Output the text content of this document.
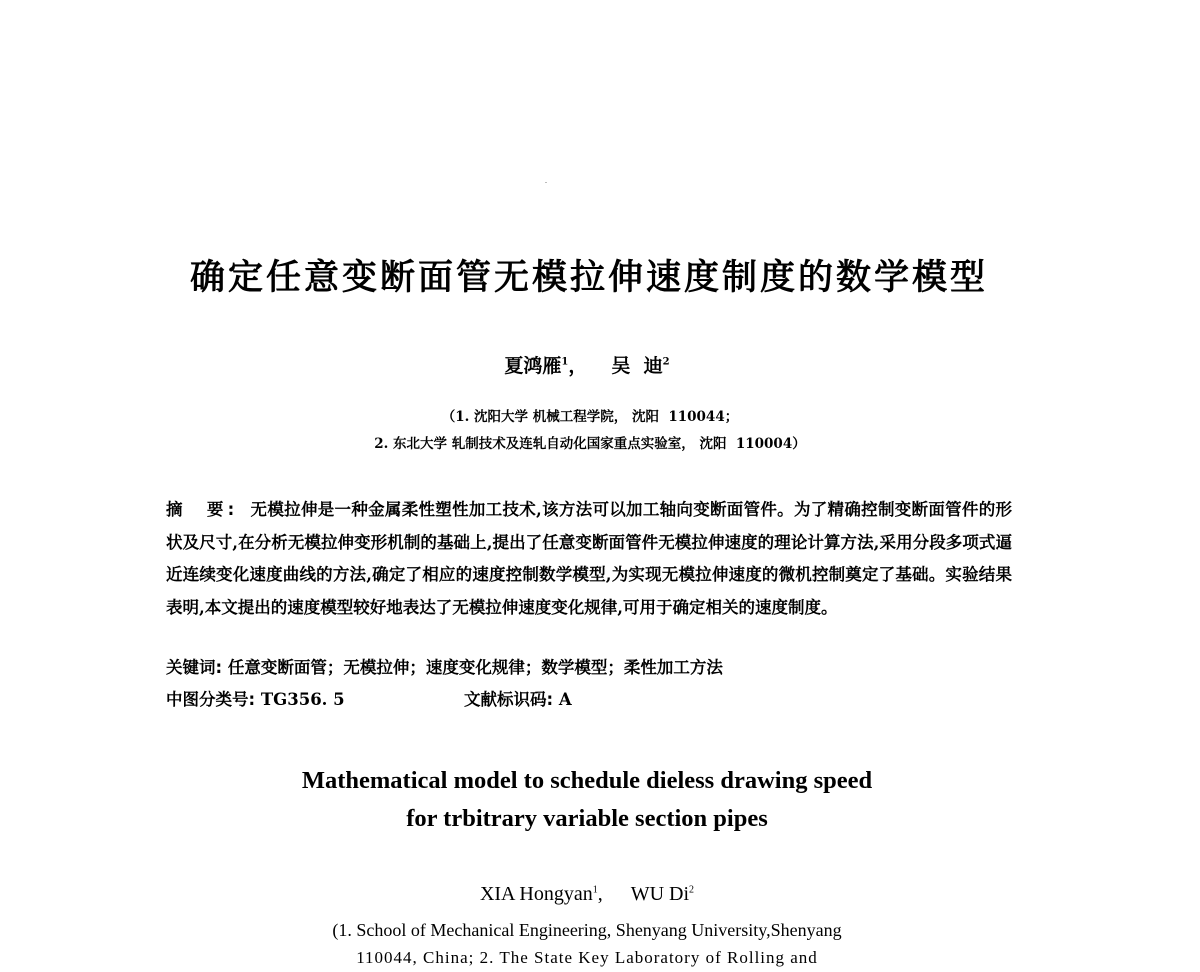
确定任意变断面管无模拉伸速度制度的数学模型
夏鸿雁$^1$， 吴  迪$^2$
（1. 沈阳大学 机械工程学院， 沈阳  110044；
2. 东北大学 轧制技术及连轧自动化国家重点实验室， 沈阳  110004）
摘  要: 无模拉伸是一种金属柔性塑性加工技术,该方法可以加工轴向变断面管件。为了精确控制变断面管件的形状及尺寸,在分析无模拉伸变形机制的基础上,提出了任意变断面管件无模拉伸速度的理论计算方法,采用分段多项式逼近连续变化速度曲线的方法,确定了相应的速度控制数学模型,为实现无模拉伸速度的微机控制奠定了基础。实验结果表明,本文提出的速度模型较好地表达了无模拉伸速度变化规律,可用于确定相关的速度制度。
关键词: 任意变断面管；无模拉伸；速度变化规律；数学模型；柔性加工方法
中图分类号: TG356. 5	文献标识码: A
Mathematical model to schedule dieless drawing speed
for trbitrary variable section pipes
XIA Hongyan$^1$, WU Di$^2$
(1. School of Mechanical Engineering, Shenyang University,Shenyang
110044, China; 2. The State Key Laboratory of Rolling and
